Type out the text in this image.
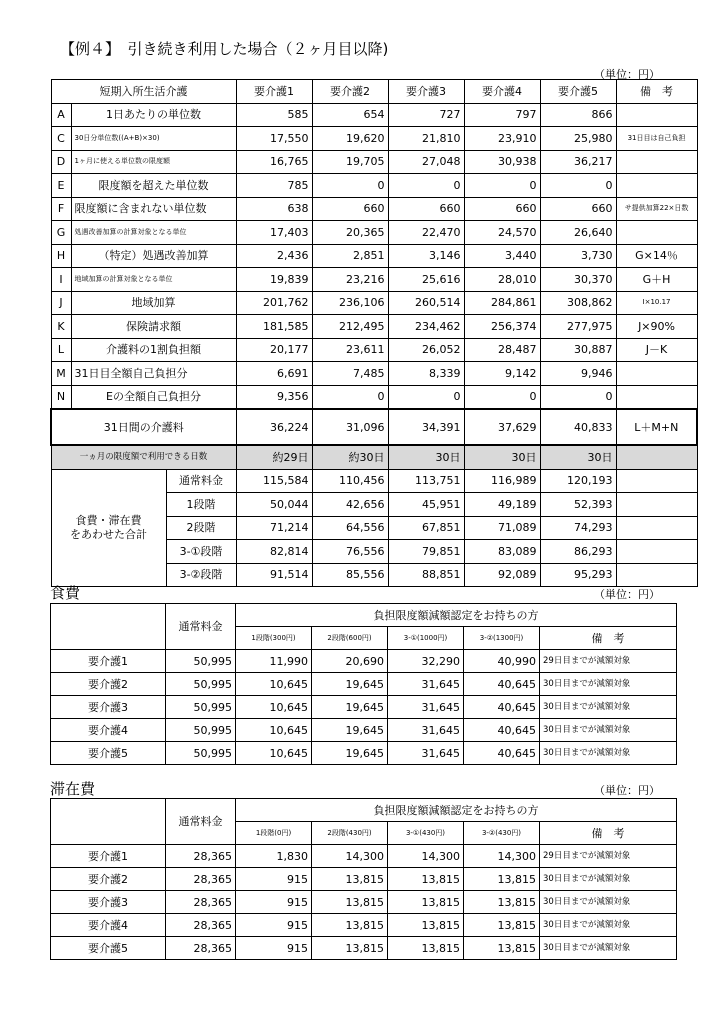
【例４】　引き続き利用した場合（２ヶ月目以降)
（単位：円）
短期入所生活介護			要介護1	要介護2	要介護3	要介護4	要介護5	備　考
A	1日あたりの単位数		585	654	727	797	866	
C	30日分単位数((A+B)×30)		17,550	19,620	21,810	23,910	25,980	31日目は自己負担
D	1ヶ月に使える単位数の限度額		16,765	19,705	27,048	30,938	36,217	
E	限度額を超えた単位数		785	0	0	0	0	
F	限度額に含まれない単位数		638	660	660	660	660	サ提供加算22×日数
G	処遇改善加算の計算対象となる単位		17,403	20,365	22,470	24,570	26,640	
H	（特定）処遇改善加算		2,436	2,851	3,146	3,440	3,730	G×14％
I	地域加算の計算対象となる単位		19,839	23,216	25,616	28,010	30,370	G＋H
J	地域加算		201,762	236,106	260,514	284,861	308,862	I×10.17
K	保険請求額		181,585	212,495	234,462	256,374	277,975	J×90%
L	介護料の1割負担額		20,177	23,611	26,052	28,487	30,887	J－K
M	31日目全額自己負担分		6,691	7,485	8,339	9,142	9,946	
N	Eの全額自己負担分		9,356	0	0	0	0	
31日間の介護料			36,224	31,096	34,391	37,629	40,833	L＋M+N
一ヵ月の限度額で利用できる日数			約29日	約30日	30日	30日	30日	

食費・滞在費
をあわせた合計		通常料金	115,584	110,456	113,751	116,989	120,193	
		1段階	50,044	42,656	45,951	49,189	52,393	
		2段階	71,214	64,556	67,851	71,089	74,293	
		3-①段階	82,814	76,556	79,851	83,089	86,293	
		3-②段階	91,514	85,556	88,851	92,089	95,293	
食費	（単位：円）
	通常料金	負担限度額減額認定をお持ちの方				
		1段階(300円)	2段階(600円)	3-①(1000円)	3-②(1300円)	備　考
要介護1	50,995	11,990	20,690	32,290	40,990	29日目までが減額対象
要介護2	50,995	10,645	19,645	31,645	40,645	30日目までが減額対象
要介護3	50,995	10,645	19,645	31,645	40,645	30日目までが減額対象
要介護4	50,995	10,645	19,645	31,645	40,645	30日目までが減額対象
要介護5	50,995	10,645	19,645	31,645	40,645	30日目までが減額対象
滞在費	（単位：円）
	通常料金	負担限度額減額認定をお持ちの方				
		1段階(0円)	2段階(430円)	3-①(430円)	3-②(430円)	備　考
要介護1	28,365	1,830	14,300	14,300	14,300	29日目までが減額対象
要介護2	28,365	915	13,815	13,815	13,815	30日目までが減額対象
要介護3	28,365	915	13,815	13,815	13,815	30日目までが減額対象
要介護4	28,365	915	13,815	13,815	13,815	30日目までが減額対象
要介護5	28,365	915	13,815	13,815	13,815	30日目までが減額対象
